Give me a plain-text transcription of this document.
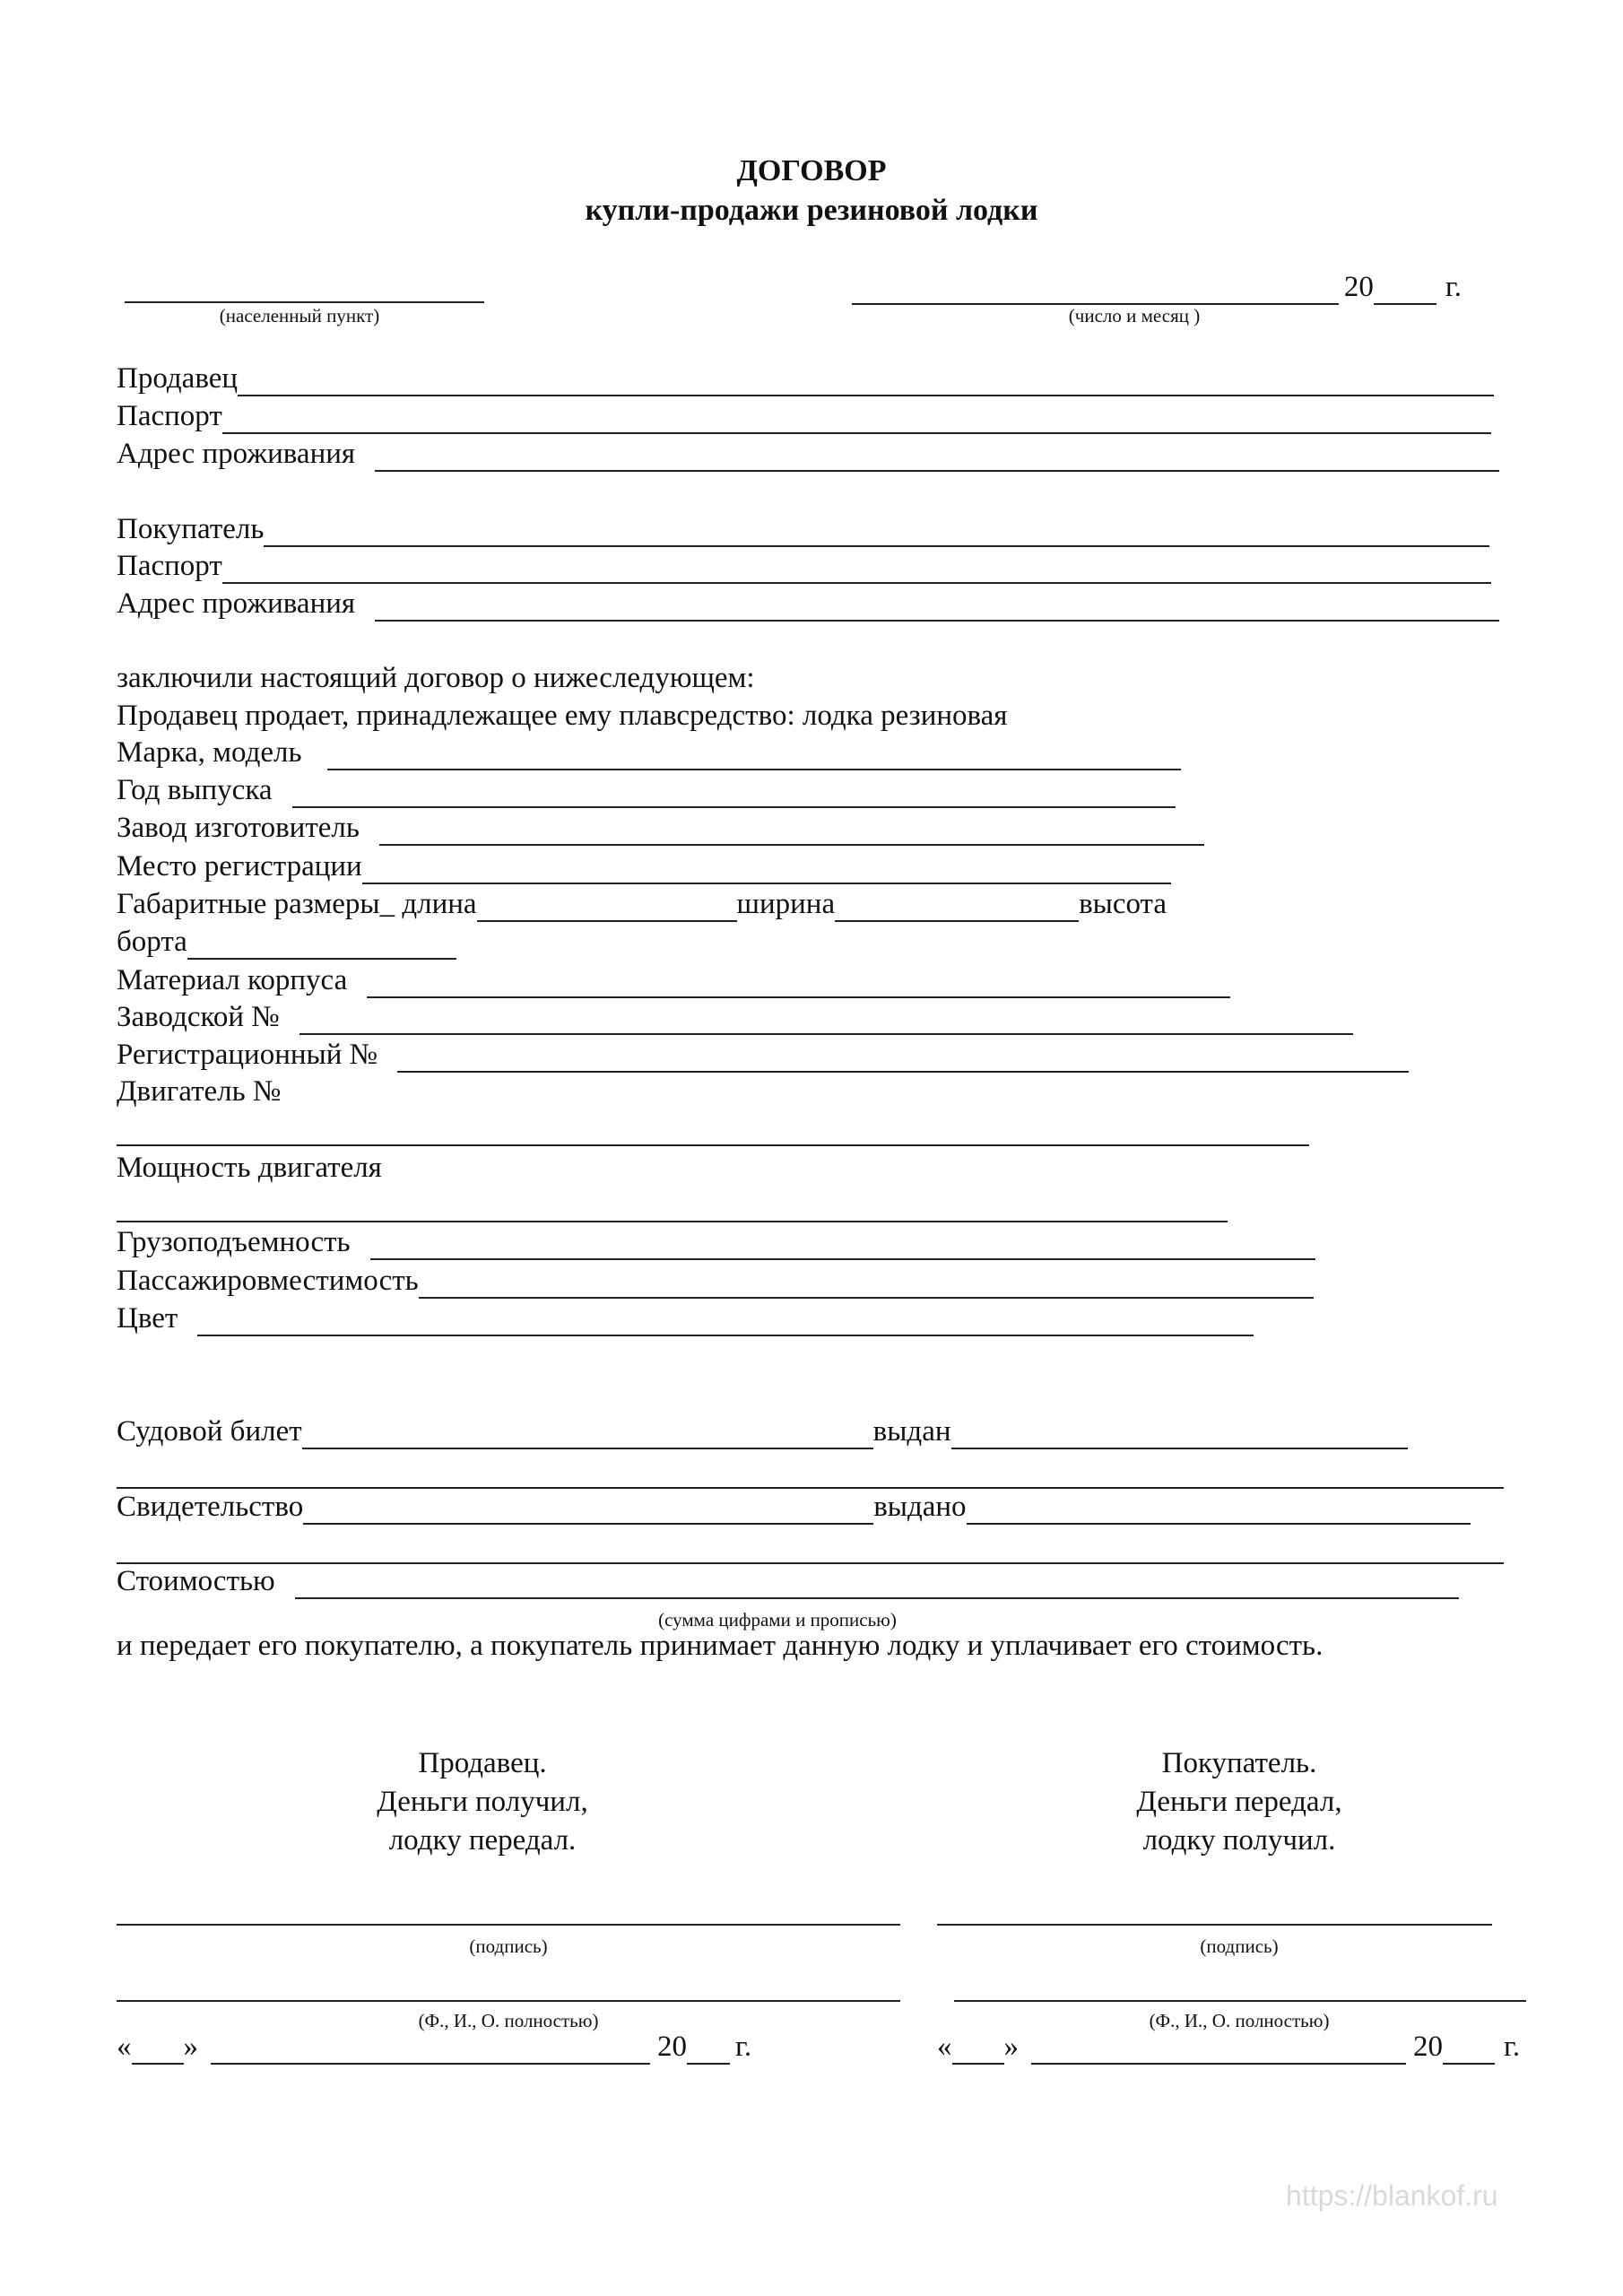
ДОГОВОР
купли-продажи резиновой лодки
(населенный пункт)
20 г.
(число и месяц )
Продавец
Паспорт
Адрес проживания
Покупатель
Паспорт
Адрес проживания
заключили настоящий договор о нижеследующем:
Продавец продает, принадлежащее ему плавсредство: лодка резиновая
Марка, модель
Год выпуска
Завод изготовитель
Место регистрации
Габаритные размеры_ длина	ширина	высота
борта
Материал корпуса
Заводской №
Регистрационный №
Двигатель №
Мощность двигателя
Грузоподъемность
Пассажировместимость
Цвет
Судовой билет	выдан
Свидетельство	выдано
Стоимостью
(сумма цифрами и прописью)
и передает его покупателю, а покупатель принимает данную лодку и уплачивает его стоимость.
Продавец.
Деньги получил,
лодку передал.
Покупатель.
Деньги передал,
лодку получил.
(подпись)	(подпись)
(Ф., И., О. полностью)	(Ф., И., О. полностью)
« »	20 г.	« »	20 г.
https://blankof.ru
